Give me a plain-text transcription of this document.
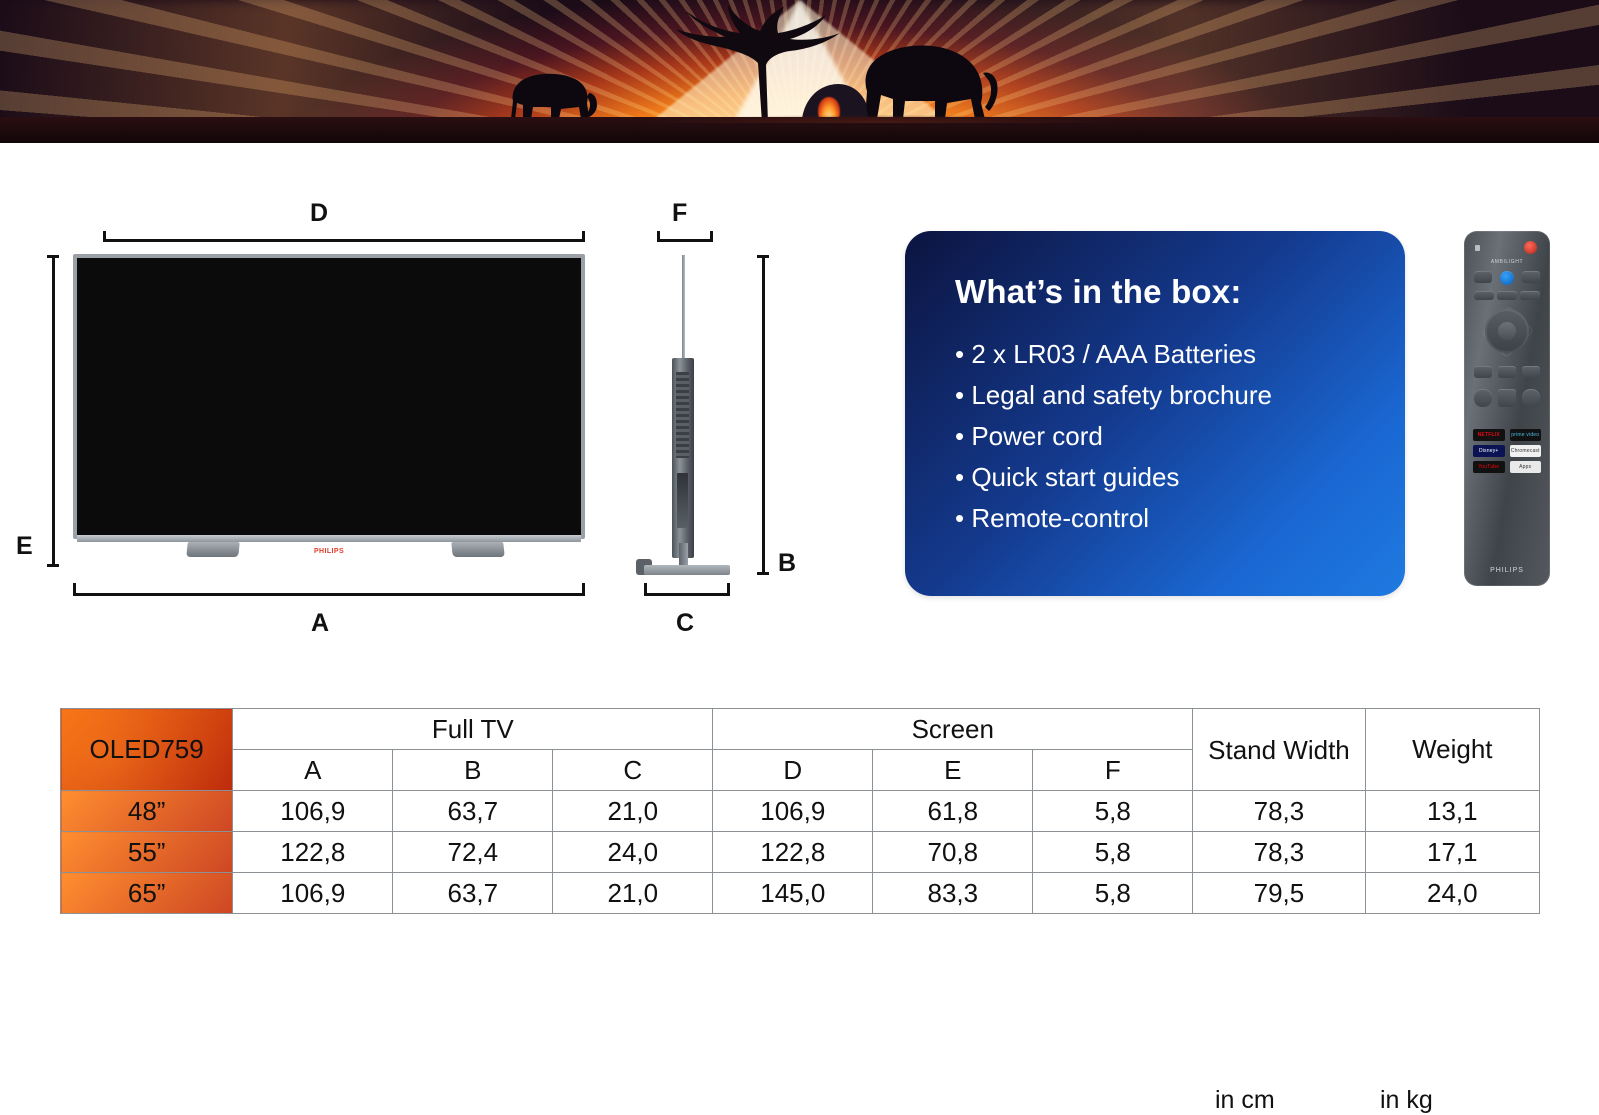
D
E	PHILIPS
A
F
B
C
What’s in the box:
• 2 x LR03 / AAA Batteries
• Legal and safety brochure
• Power cord
• Quick start guides
• Remote-control
AMBILIGHT
NETFLIX	prime video
Disney+	Chromecast
YouTube	Apps
PHILIPS
OLED759	Full TV			Screen			Stand Width	Weight
	A	B	C	D	E	F		
48”	106,9	63,7	21,0	106,9	61,8	5,8	78,3	13,1
55”	122,8	72,4	24,0	122,8	70,8	5,8	78,3	17,1
65”	106,9	63,7	21,0	145,0	83,3	5,8	79,5	24,0
in cm	in kg
